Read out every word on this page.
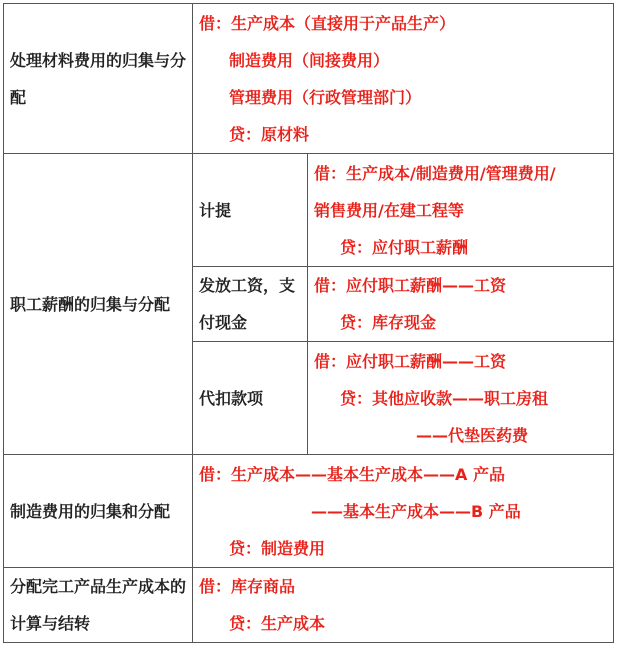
处理材料费用的归集与分配	借：生产成本（直接用于产品生产）
制造费用（间接费用）
管理费用（行政管理部门）
贷：原材料	

职工薪酬的归集与分配	计提	借：生产成本/制造费用/管理费用/
销售费用/在建工程等
贷：应付职工薪酬

	发放工资，支付现金	借：应付职工薪酬——工资
贷：库存现金

	代扣款项	借：应付职工薪酬——工资
贷：其他应收款——职工房租
——代垫医药费

制造费用的归集和分配	借：生产成本——基本生产成本——A 产品
——基本生产成本——B 产品
贷：制造费用	

分配完工产品生产成本的计算与结转	借：库存商品
贷：生产成本	
